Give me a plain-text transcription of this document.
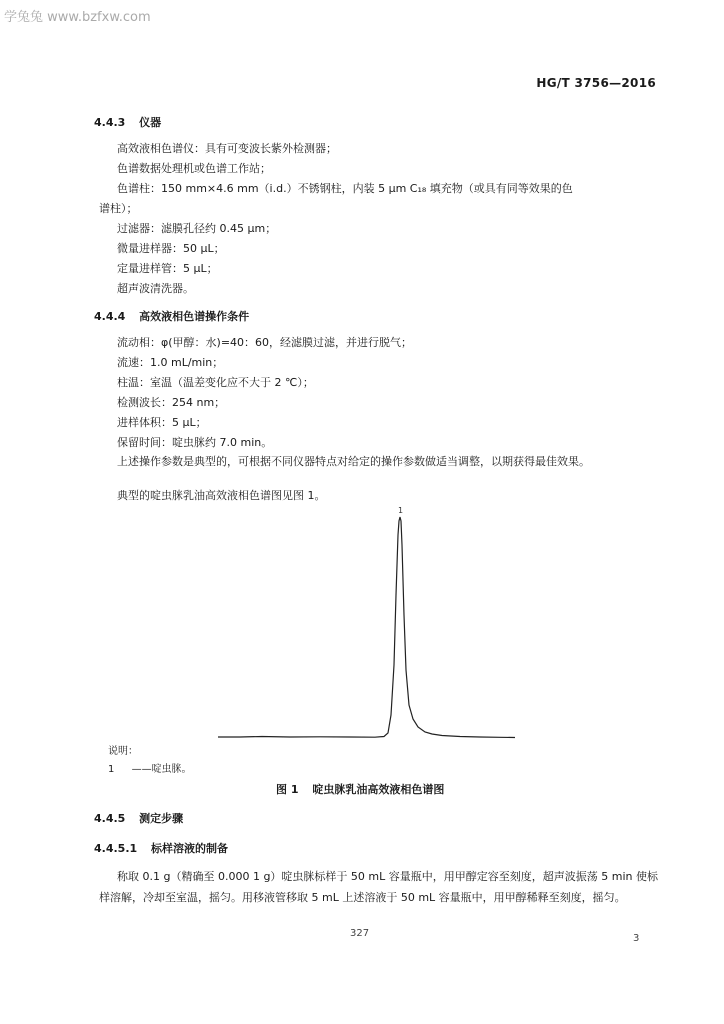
学兔兔 www.bzfxw.com
HG/T 3756—2016
4.4.3 仪器
高效液相色谱仪：具有可变波长紫外检测器；
色谱数据处理机或色谱工作站；
色谱柱：150 mm×4.6 mm（i.d.）不锈钢柱，内装 5 μm C₁₈ 填充物（或具有同等效果的色
谱柱）；
过滤器：滤膜孔径约 0.45 μm；
微量进样器：50 μL；
定量进样管：5 μL；
超声波清洗器。
4.4.4 高效液相色谱操作条件
流动相：φ(甲醇：水)=40：60，经滤膜过滤，并进行脱气；
流速：1.0 mL/min；
柱温：室温（温差变化应不大于 2 ℃）；
检测波长：254 nm；
进样体积：5 μL；
保留时间：啶虫脒约 7.0 min。
上述操作参数是典型的，可根据不同仪器特点对给定的操作参数做适当调整，以期获得最佳效果。
典型的啶虫脒乳油高效液相色谱图见图 1。
1
说明：
1 ——啶虫脒。
图 1 啶虫脒乳油高效液相色谱图
4.4.5 测定步骤
4.4.5.1 标样溶液的制备
称取 0.1 g（精确至 0.000 1 g）啶虫脒标样于 50 mL 容量瓶中，用甲醇定容至刻度，超声波振荡 5 min 使标样溶解，冷却至室温，摇匀。用移液管移取 5 mL 上述溶液于 50 mL 容量瓶中，用甲醇稀释至刻度，摇匀。
327	3
